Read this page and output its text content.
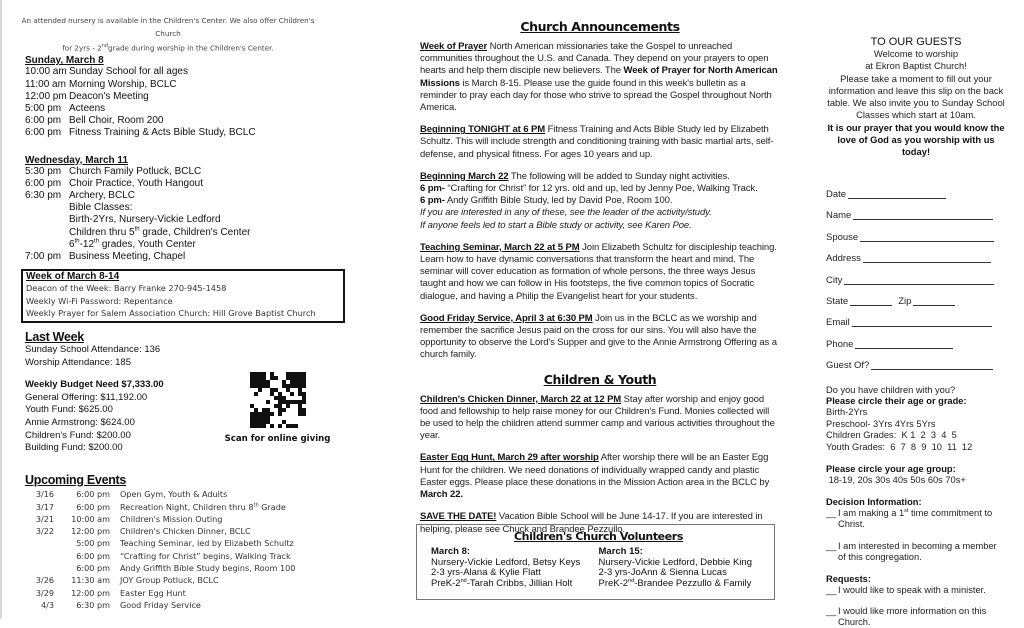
An attended nursery is available in the Children's Center. We also offer Children's Church
for 2yrs - 2ndgrade during worship in the Children's Center.
Sunday, March 8
10:00 am Sunday School for all ages
11:00 am Morning Worship, BCLC
12:00 pm Deacon's Meeting
5:00 pm Acteens
6:00 pm Bell Choir, Room 200
6:00 pm Fitness Training & Acts Bible Study, BCLC
Wednesday, March 11
5:30 pm Church Family Potluck, BCLC
6:00 pm Choir Practice, Youth Hangout
6:30 pm Archery, BCLC
Bible Classes:
Birth-2Yrs, Nursery-Vickie Ledford
Children thru 5th grade, Children's Center
6th-12th grades, Youth Center
7:00 pm Business Meeting, Chapel
Week of March 8-14
Deacon of the Week: Barry Franke 270-945-1458
Weekly Wi-Fi Password: Repentance
Weekly Prayer for Salem Association Church: Hill Grove Baptist Church
Last Week
Sunday School Attendance: 136
Worship Attendance: 185
Weekly Budget Need $7,333.00
General Offering: $11,192.00
Youth Fund: $625.00
Annie Armstrong: $624.00
Children's Fund: $200.00
Building Fund: $200.00
Scan for online giving
Upcoming Events
3/16	6:00 pm	Open Gym, Youth & Adults
3/17	6:00 pm	Recreation Night, Children thru 8th Grade
3/21	10:00 am	Children's Mission Outing
3/22	12:00 pm	Children's Chicken Dinner, BCLC
5:00 pm	Teaching Seminar, led by Elizabeth Schultz
6:00 pm	“Crafting for Christ” begins, Walking Track
6:00 pm	Andy Griffith Bible Study begins, Room 100
3/26	11:30 am	JOY Group Potluck, BCLC
3/29	12:00 pm	Easter Egg Hunt
4/3	6:30 pm	Good Friday Service
Church Announcements

Week of Prayer North American missionaries take the Gospel to unreached communities throughout the U.S. and Canada. They depend on your prayers to open hearts and help them disciple new believers. The Week of Prayer for North American Missions is March 8-15. Please use the guide found in this week's bulletin as a reminder to pray each day for those who strive to spread the Gospel throughout North America.

Beginning TONIGHT at 6 PM Fitness Training and Acts Bible Study led by Elizabeth Schultz. This will include strength and conditioning training with basic martial arts, self-defense, and physical fitness. For ages 10 years and up.

Beginning March 22 The following will be added to Sunday night activities.
6 pm- “Crafting for Christ” for 12 yrs. old and up, led by Jenny Poe, Walking Track.
6 pm- Andy Griffith Bible Study, led by David Poe, Room 100.
If you are interested in any of these, see the leader of the activity/study.
If anyone feels led to start a Bible study or activity, see Karen Poe.

Teaching Seminar, March 22 at 5 PM Join Elizabeth Schultz for discipleship teaching. Learn how to have dynamic conversations that transform the heart and mind. The seminar will cover education as formation of whole persons, the three ways Jesus taught and how we can follow in His footsteps, the five common topics of Socratic dialogue, and having a Philip the Evangelist heart for your students.

Good Friday Service, April 3 at 6:30 PM Join us in the BCLC as we worship and remember the sacrifice Jesus paid on the cross for our sins. You will also have the opportunity to observe the Lord's Supper and give to the Annie Armstrong Offering as a church family.

Children & Youth

Children's Chicken Dinner, March 22 at 12 PM Stay after worship and enjoy good food and fellowship to help raise money for our Children's Fund. Monies collected will be used to help the children attend summer camp and various activities throughout the year.

Easter Egg Hunt, March 29 after worship After worship there will be an Easter Egg Hunt for the children. We need donations of individually wrapped candy and plastic Easter eggs. Please place these donations in the Mission Action area in the BCLC by March 22.

SAVE THE DATE! Vacation Bible School will be June 14-17. If you are interested in helping, please see Chuck and Brandee Pezzullo.

Children's Church Volunteers
March 8:
Nursery-Vickie Ledford, Betsy Keys
2-3 yrs-Alana & Kylie Flatt
PreK-2nd-Tarah Cribbs, Jillian Holt
March 15:
Nursery-Vickie Ledford, Debbie King
2-3 yrs-JoAnn & Sienna Lucas
PreK-2nd-Brandee Pezzullo & Family
TO OUR GUESTS
Welcome to worship
at Ekron Baptist Church!
Please take a moment to fill out your information and leave this slip on the back table. We also invite you to Sunday School Classes which start at 10am.
It is our prayer that you would know the love of God as you worship with us today!
Date
Name
Spouse
Address
City
State	Zip
Email
Phone
Guest Of?
Do you have children with you?
Please circle their age or grade:
Birth-2Yrs
Preschool- 3Yrs 4Yrs 5Yrs
Children Grades:  K 1  2  3  4  5
Youth Grades:  6  7  8  9  10  11  12
Please circle your age group:
18-19, 20s 30s 40s 50s 60s 70s+
Decision Information:
__ I am making a 1st time commitment to Christ.
__ I am interested in becoming a member of this congregation.
Requests:
__ I would like to speak with a minister.
__ I would like more information on this Church.
